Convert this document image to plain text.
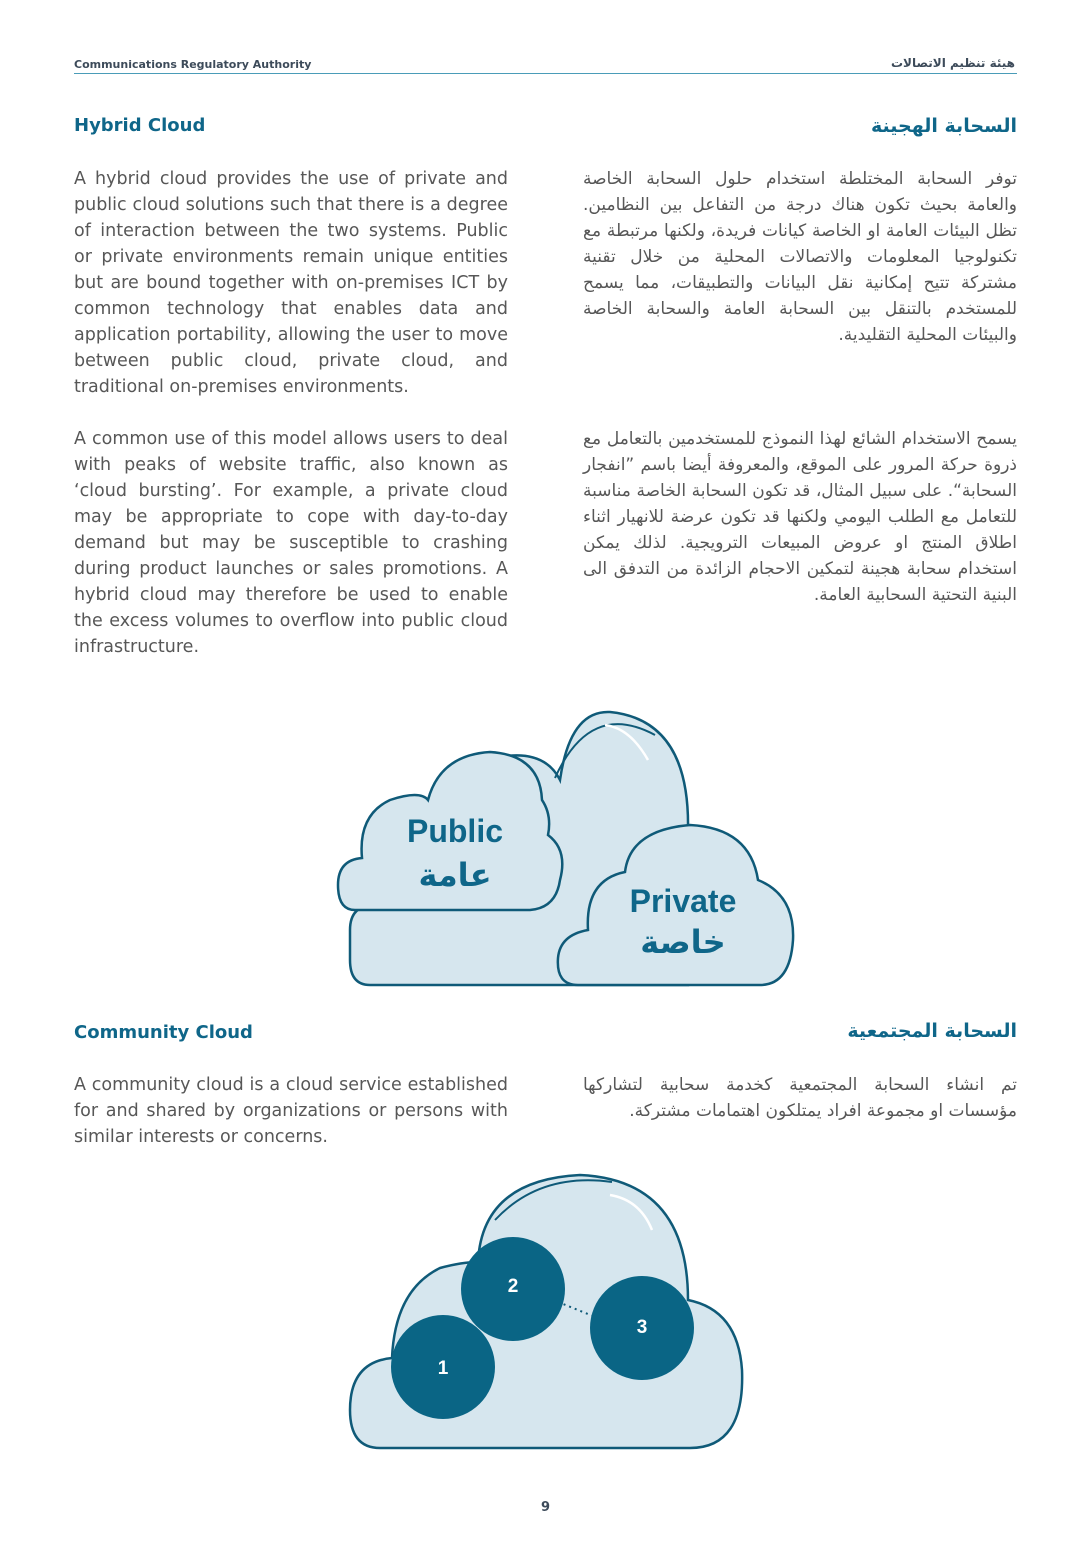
Communications Regulatory Authority	هيئة تنظيم الاتصالات
Hybrid Cloud	السحابة الهجينة

A hybrid cloud provides the use of private and public cloud solutions such that there is a degree of interaction between the two systems. Public or private environments remain unique entities but are bound together with on-premises ICT by common technology that enables data and application portability, allowing the user to move between public cloud, private cloud, and traditional on-premises environments.

A common use of this model allows users to deal with peaks of website traffic, also known as ‘cloud bursting’. For example, a private cloud may be appropriate to cope with day-to-day demand but may be susceptible to crashing during product launches or sales promotions. A hybrid cloud may therefore be used to enable the excess volumes to overflow into public cloud infrastructure.

توفر السحابة المختلطة استخدام حلول السحابة الخاصة والعامة بحيث تكون هناك درجة من التفاعل بين النظامين. تظل البيئات العامة او الخاصة كيانات فريدة، ولكنها مرتبطة مع تكنولوجيا المعلومات والاتصالات المحلية من خلال تقنية مشتركة تتيح إمكانية نقل البيانات والتطبيقات، مما يسمح للمستخدم بالتنقل بين السحابة العامة والسحابة الخاصة والبيئات المحلية التقليدية.

يسمح الاستخدام الشائع لهذا النموذج للمستخدمين بالتعامل مع ذروة حركة المرور على الموقع، والمعروفة أيضا باسم ”انفجار السحابة“. على سبيل المثال، قد تكون السحابة الخاصة مناسبة للتعامل مع الطلب اليومي ولكنها قد تكون عرضة للانهيار اثناء اطلاق المنتج او عروض المبيعات الترويجية. لذلك يمكن استخدام سحابة هجينة لتمكين الاحجام الزائدة من التدفق الى البنية التحتية السحابية العامة.

Public
عامة
Private
خاصة
Community Cloud	السحابة المجتمعية

A community cloud is a cloud service established for and shared by organizations or persons with similar interests or concerns.

تم انشاء السحابة المجتمعية كخدمة سحابية لتشاركها مؤسسات او مجموعة افراد يمتلكون اهتمامات مشتركة.

1
2
3
9
